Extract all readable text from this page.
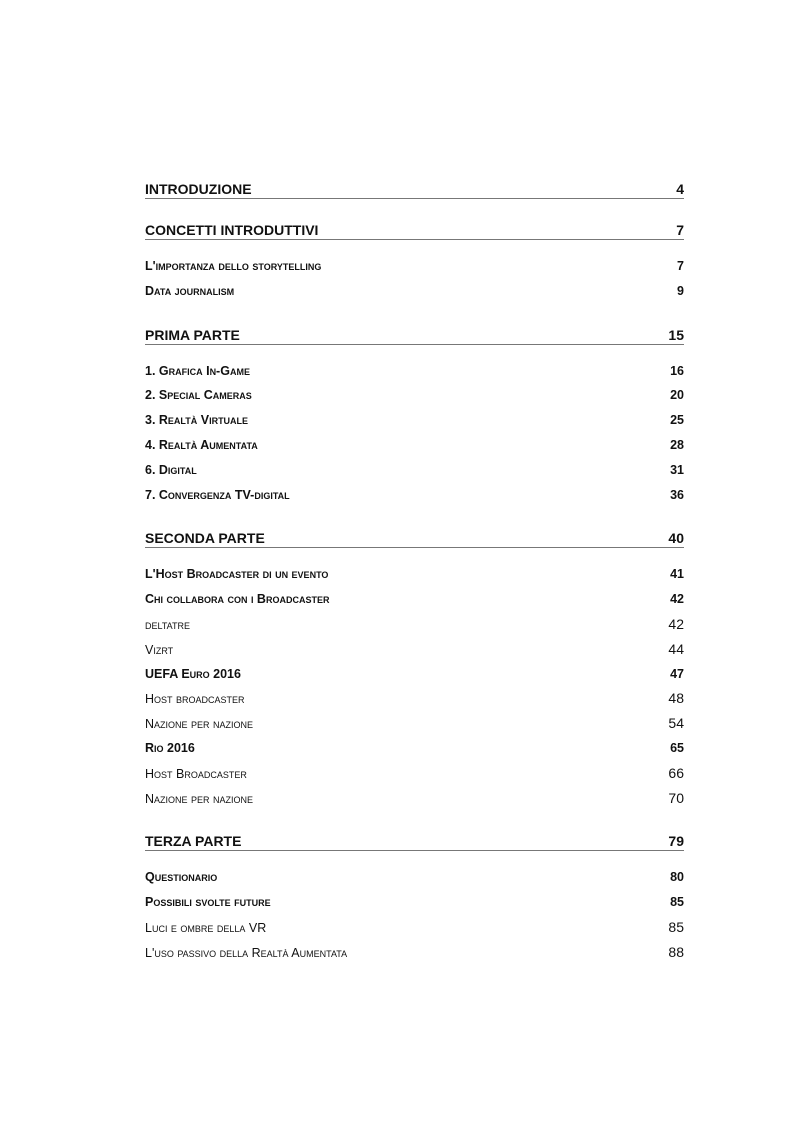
INTRODUZIONE	4
CONCETTI INTRODUTTIVI	7
L'importanza dello storytelling	7
Data journalism	9
PRIMA PARTE	15
1. Grafica In-Game	16
2. Special Cameras	20
3. Realtà Virtuale	25
4. Realtà Aumentata	28
6. Digital	31
7. Convergenza TV-digital	36
SECONDA PARTE	40
L'Host Broadcaster di un evento	41
Chi collabora con i Broadcaster	42
deltatre	42
Vizrt	44
UEFA Euro 2016	47
Host broadcaster	48
Nazione per nazione	54
Rio 2016	65
Host Broadcaster	66
Nazione per nazione	70
TERZA PARTE	79
Questionario	80
Possibili svolte future	85
Luci e ombre della VR	85
L'uso passivo della Realtà Aumentata	88
